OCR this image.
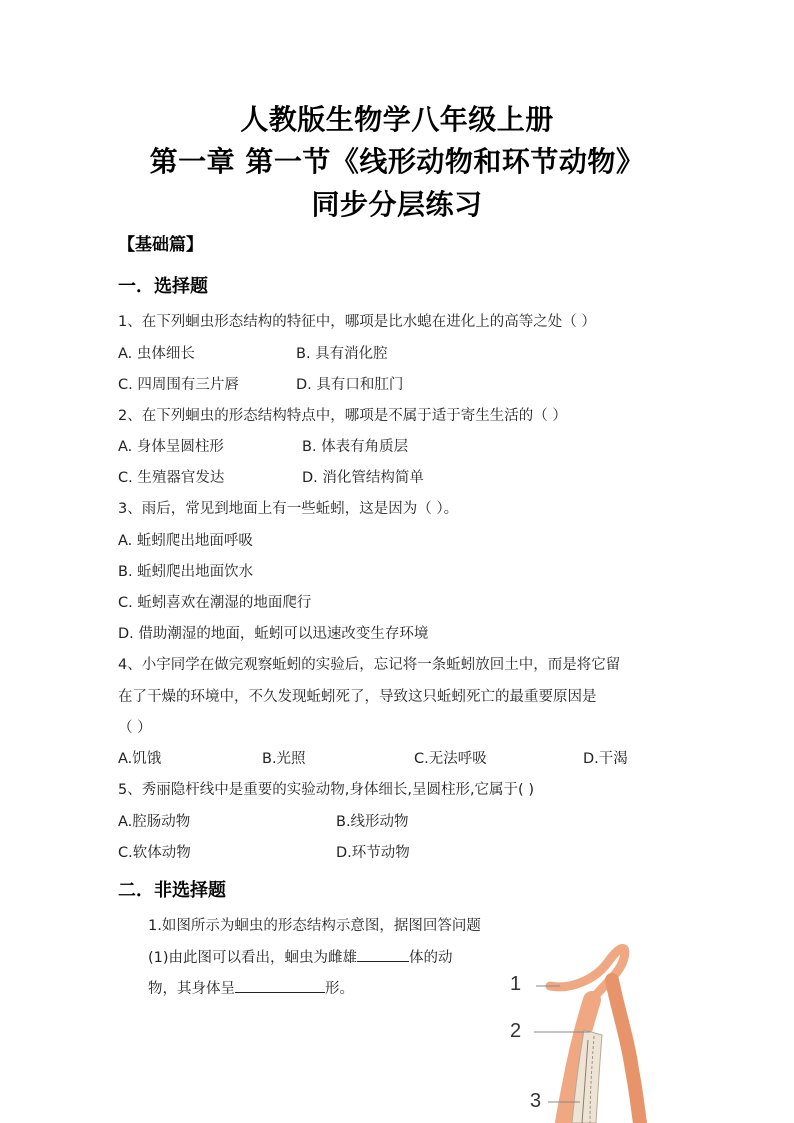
人教版生物学八年级上册
第一章 第一节《线形动物和环节动物》
同步分层练习
【基础篇】
一．选择题
1、在下列蛔虫形态结构的特征中，哪项是比水螅在进化上的高等之处（ ）
A. 虫体细长	B. 具有消化腔
C. 四周围有三片唇	D. 具有口和肛门
2、在下列蛔虫的形态结构特点中，哪项是不属于适于寄生生活的（ ）
A. 身体呈圆柱形	B. 体表有角质层
C. 生殖器官发达	D. 消化管结构简单
3、雨后，常见到地面上有一些蚯蚓，这是因为（ ）。
A. 蚯蚓爬出地面呼吸
B. 蚯蚓爬出地面饮水
C. 蚯蚓喜欢在潮湿的地面爬行
D. 借助潮湿的地面，蚯蚓可以迅速改变生存环境
4、小宇同学在做完观察蚯蚓的实验后，忘记将一条蚯蚓放回土中，而是将它留
在了干燥的环境中，不久发现蚯蚓死了，导致这只蚯蚓死亡的最重要原因是
（ ）
A.饥饿	B.光照	C.无法呼吸	D.干渴
5、秀丽隐杆线中是重要的实验动物,身体细长,呈圆柱形,它属于( )
A.腔肠动物	B.线形动物
C.软体动物	D.环节动物
二．非选择题
1.如图所示为蛔虫的形态结构示意图，据图回答问题
(1)由此图可以看出，蛔虫为雌雄	体的动
物，其身体呈	形。	1
2
3
